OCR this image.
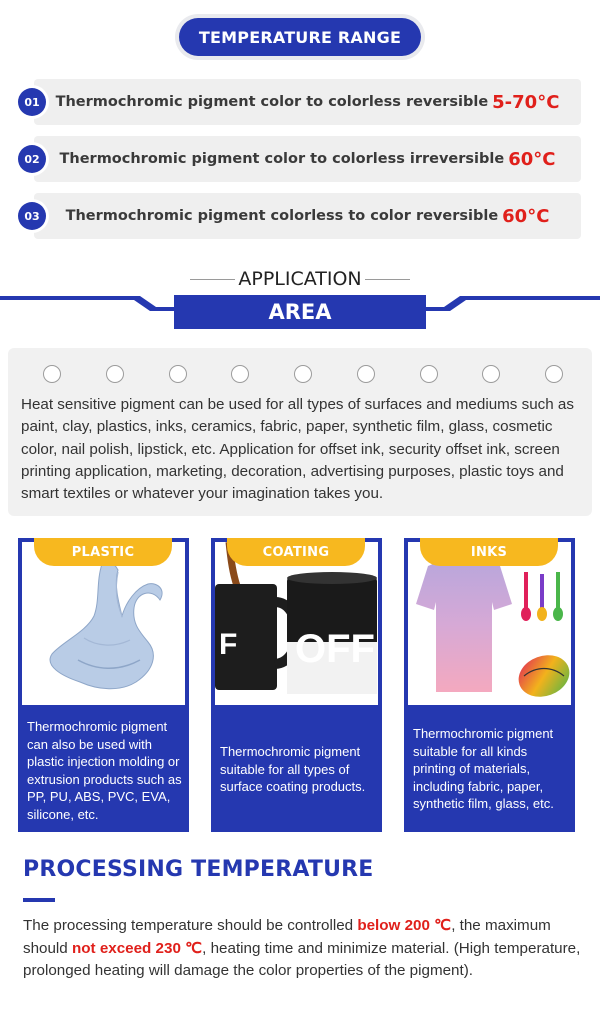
TEMPERATURE RANGE
01	Thermochromic pigment color to colorless reversible 5-70°C
02	Thermochromic pigment color to colorless irreversible 60°C
03	Thermochromic pigment colorless to color reversible 60°C
APPLICATION
AREA

Heat sensitive pigment can be used for all types of surfaces and mediums such as paint, clay, plastics, inks, ceramics, fabric, paper, synthetic film, glass, cosmetic color, nail polish, lipstick, etc. Application for offset ink, security offset ink, screen printing application, marketing, decoration, advertising purposes, plastic toys and smart textiles or whatever your imagination takes you.

PLASTIC
Thermochromic pigment can also be used with plastic injection molding or extrusion products such as PP, PU, ABS, PVC, EVA, silicone, etc.
COATING
F OFF
Thermochromic pigment suitable for all types of surface coating products.
INKS
Thermochromic pigment suitable for all kinds printing of materials, including fabric, paper, synthetic film, glass, etc.
PROCESSING TEMPERATURE

The processing temperature should be controlled below 200 ℃, the maximum should not exceed 230 ℃, heating time and minimize material. (High temperature, prolonged heating will damage the color properties of the pigment).
